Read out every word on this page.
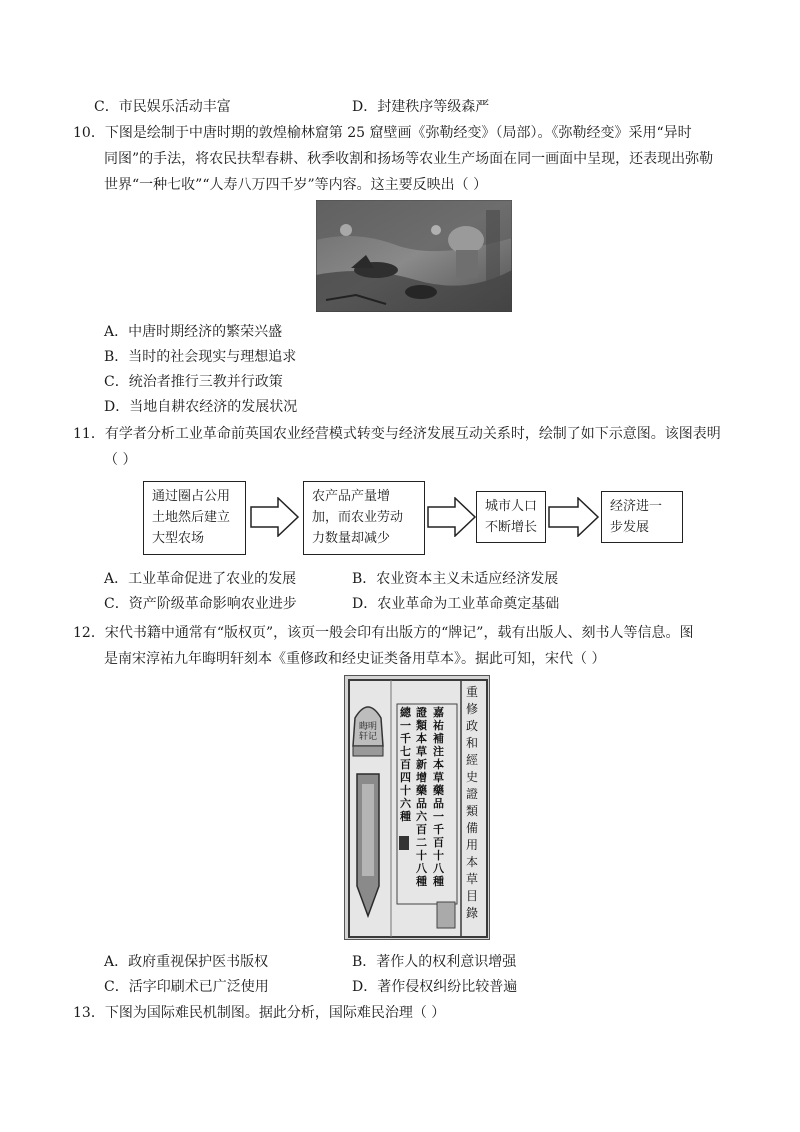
C．市民娱乐活动丰富	D．封建秩序等级森严
10．下图是绘制于中唐时期的敦煌榆林窟第 25 窟壁画《弥勒经变》（局部）。《弥勒经变》采用“异时
同图”的手法，将农民扶犁春耕、秋季收割和扬场等农业生产场面在同一画面中呈现，还表现出弥勒
世界“一种七收”“人寿八万四千岁”等内容。这主要反映出（ ）
A．中唐时期经济的繁荣兴盛
B．当时的社会现实与理想追求
C．统治者推行三教并行政策
D．当地自耕农经济的发展状况
11．有学者分析工业革命前英国农业经营模式转变与经济发展互动关系时，绘制了如下示意图。该图表明
（ ）
通过圈占公用
土地然后建立
大型农场
农产品产量增
加，而农业劳动
力数量却减少
城市人口
不断增长
经济进一
步发展
A．工业革命促进了农业的发展	B．农业资本主义未适应经济发展
C．资产阶级革命影响农业进步	D．农业革命为工业革命奠定基础
12．宋代书籍中通常有“版权页”，该页一般会印有出版方的“牌记”，载有出版人、刻书人等信息。图
是南宋淳祐九年晦明轩刻本《重修政和经史证类备用草本》。据此可知，宋代（ ）
晦明 轩记
嘉祐補注本草藥品一千百十八種
證類本草新增藥品六百二十八種
總一千七百四十六種
重修政和經史證類備用本草目錄
A．政府重视保护医书版权	B．著作人的权利意识增强
C．活字印刷术已广泛使用	D．著作侵权纠纷比较普遍
13．下图为国际难民机制图。据此分析，国际难民治理（ ）
